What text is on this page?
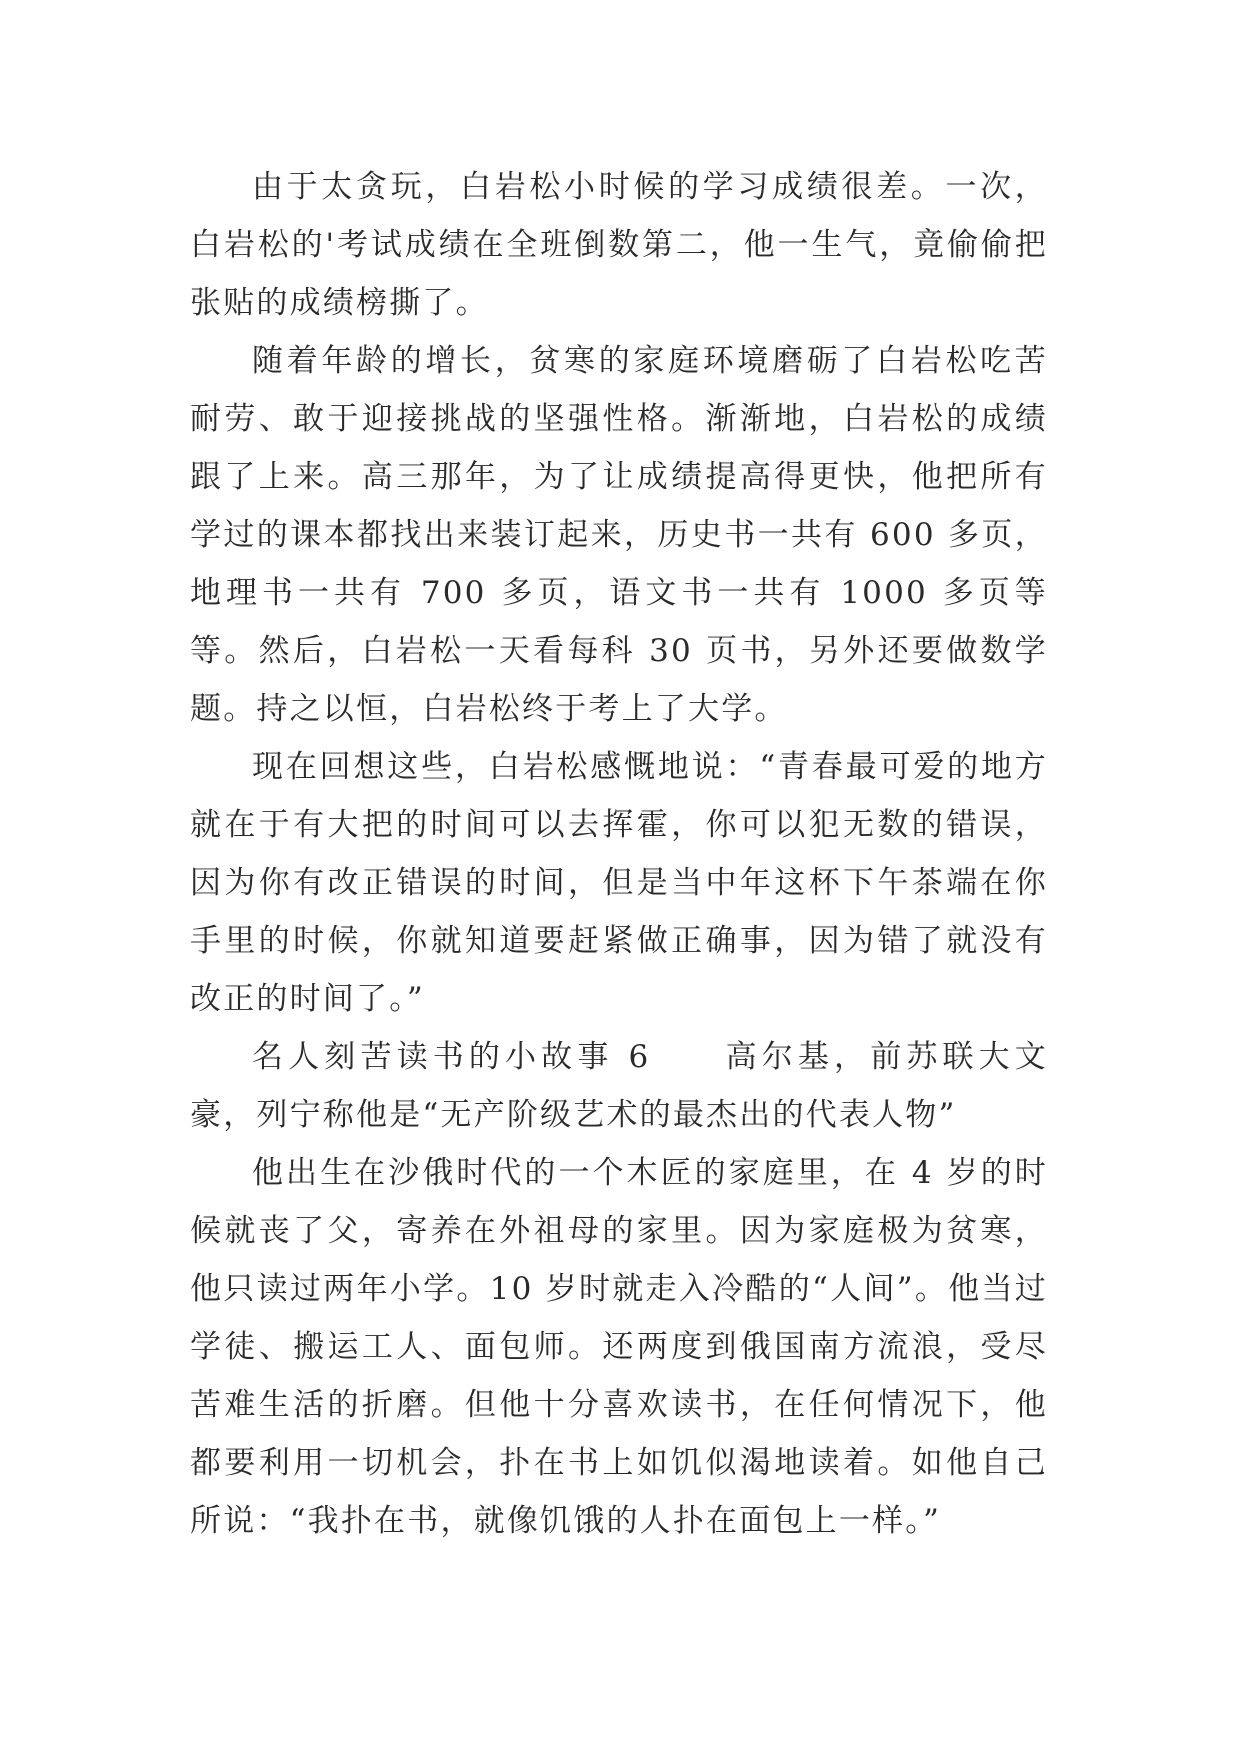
由于太贪玩，白岩松小时候的学习成绩很差。一次，白岩松的'考试成绩在全班倒数第二，他一生气，竟偷偷把张贴的成绩榜撕了。

随着年龄的增长，贫寒的家庭环境磨砺了白岩松吃苦耐劳、敢于迎接挑战的坚强性格。渐渐地，白岩松的成绩跟了上来。高三那年，为了让成绩提高得更快，他把所有学过的课本都找出来装订起来，历史书一共有 600 多页，地理书一共有 700 多页，语文书一共有 1000 多页等等。然后，白岩松一天看每科 30 页书，另外还要做数学题。持之以恒，白岩松终于考上了大学。

现在回想这些，白岩松感慨地说：“青春最可爱的地方就在于有大把的时间可以去挥霍，你可以犯无数的错误，因为你有改正错误的时间，但是当中年这杯下午茶端在你手里的时候，你就知道要赶紧做正确事，因为错了就没有改正的时间了。”

名人刻苦读书的小故事 6　　高尔基，前苏联大文豪，列宁称他是“无产阶级艺术的最杰出的代表人物”

他出生在沙俄时代的一个木匠的家庭里，在 4 岁的时候就丧了父，寄养在外祖母的家里。因为家庭极为贫寒，他只读过两年小学。10 岁时就走入冷酷的“人间”。他当过学徒、搬运工人、面包师。还两度到俄国南方流浪，受尽苦难生活的折磨。但他十分喜欢读书，在任何情况下，他都要利用一切机会，扑在书上如饥似渴地读着。如他自己所说：“我扑在书，就像饥饿的人扑在面包上一样。”
